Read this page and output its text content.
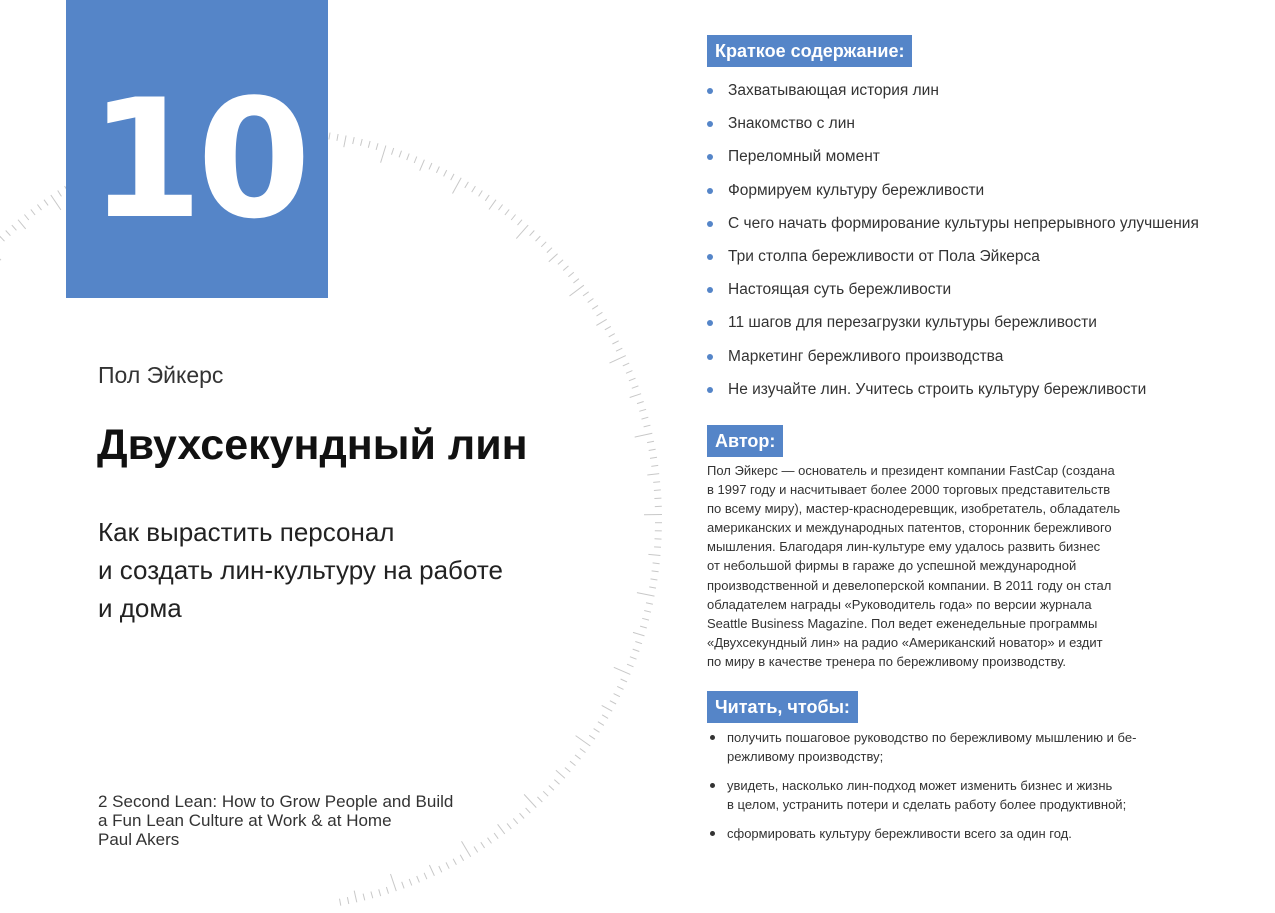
10
Пол Эйкерс
Двухсекундный лин
Как вырастить персонал
и создать лин-культуру на работе
и дома
2 Second Lean: How to Grow People and Build
a Fun Lean Culture at Work & at Home
Paul Akers
Краткое содержание:
Захватывающая история лин
Знакомство с лин
Переломный момент
Формируем культуру бережливости
С чего начать формирование культуры непрерывного улучшения
Три столпа бережливости от Пола Эйкерса
Настоящая суть бережливости
11 шагов для перезагрузки культуры бережливости
Маркетинг бережливого производства
Не изучайте лин. Учитесь строить культуру бережливости
Автор:
Пол Эйкерс — основатель и президент компании FastCap (создана
в 1997 году и насчитывает более 2000 торговых представительств
по всему миру), мастер-краснодеревщик, изобретатель, обладатель
американских и международных патентов, сторонник бережливого
мышления. Благодаря лин-культуре ему удалось развить бизнес
от небольшой фирмы в гараже до успешной международной
производственной и девелоперской компании. В 2011 году он стал
обладателем награды «Руководитель года» по версии журнала
Seattle Business Magazine. Пол ведет еженедельные программы
«Двухсекундный лин» на радио «Американский новатор» и ездит
по миру в качестве тренера по бережливому производству.
Читать, чтобы:
получить пошаговое руководство по бережливому мышлению и бе-
режливому производству;
увидеть, насколько лин-подход может изменить бизнес и жизнь
в целом, устранить потери и сделать работу более продуктивной;
сформировать культуру бережливости всего за один год.
